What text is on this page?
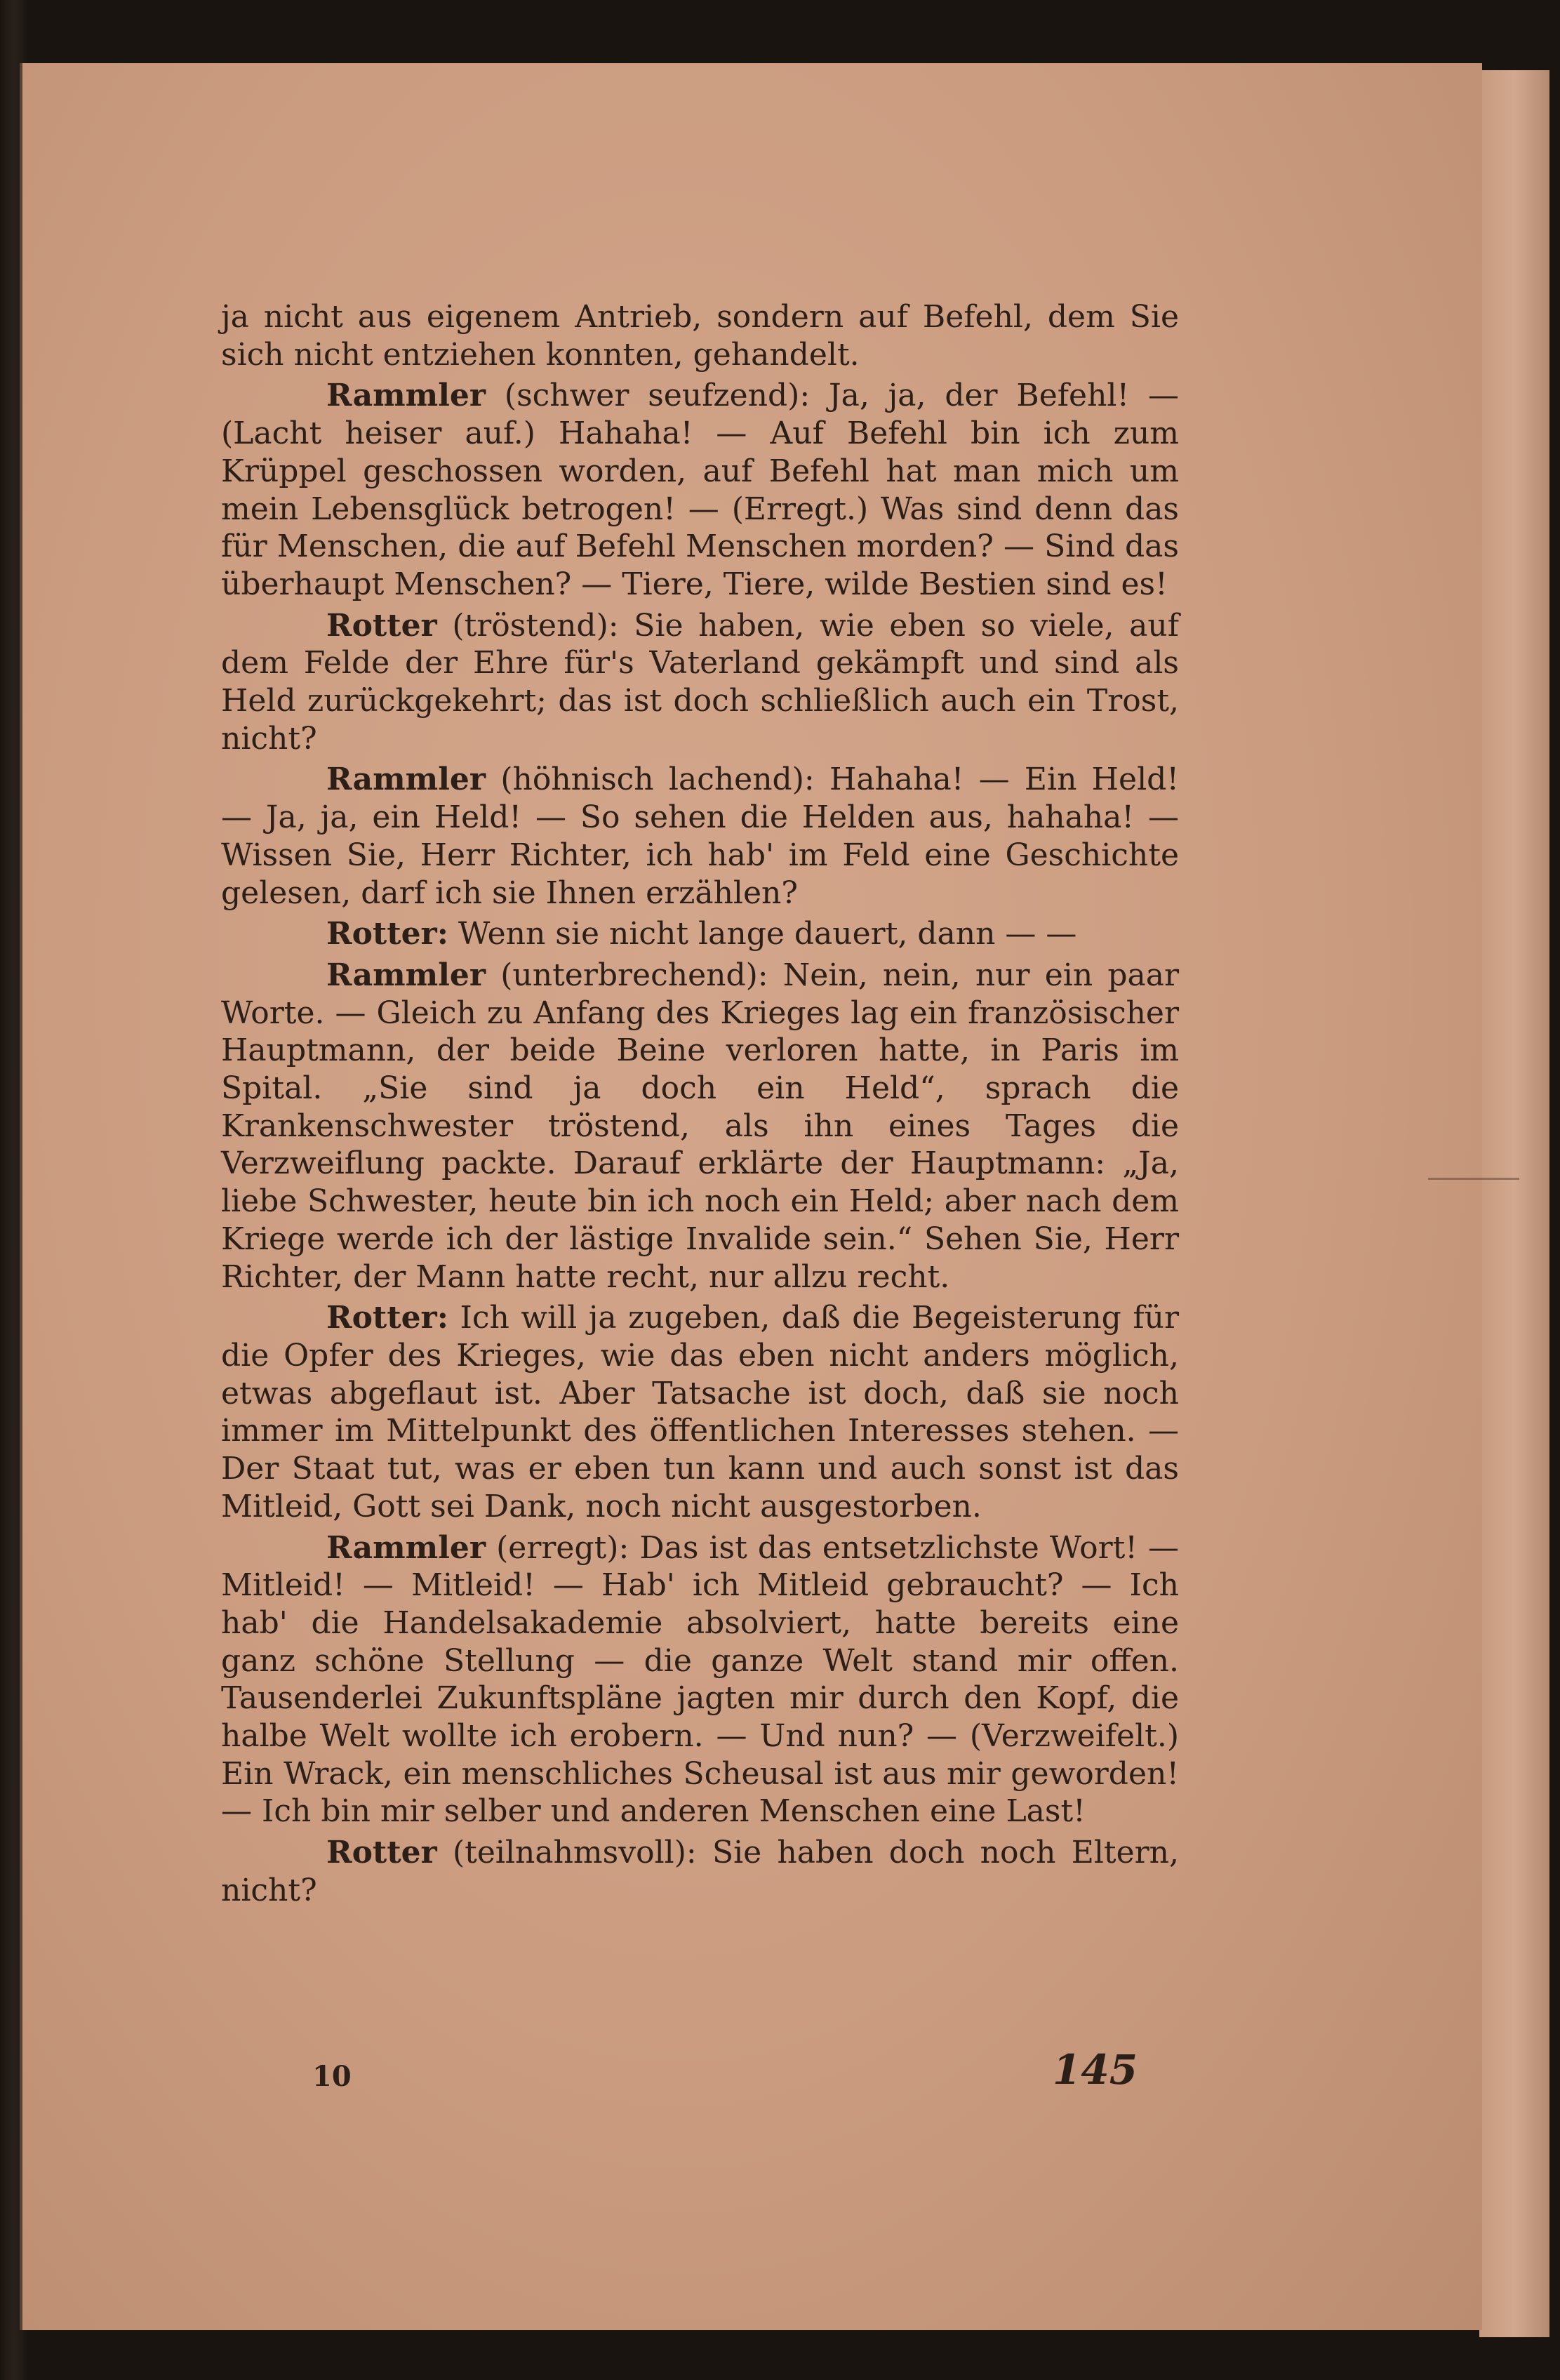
ja nicht aus eigenem Antrieb, sondern auf Befehl, dem Sie sich nicht entziehen konnten, gehandelt.

Rammler (schwer seufzend): Ja, ja, der Befehl! — (Lacht heiser auf.) Hahaha! — Auf Befehl bin ich zum Krüppel geschossen worden, auf Befehl hat man mich um mein Lebensglück betrogen! — (Erregt.) Was sind denn das für Menschen, die auf Befehl Menschen morden? — Sind das überhaupt Menschen? — Tiere, Tiere, wilde Bestien sind es!

Rotter (tröstend): Sie haben, wie eben so viele, auf dem Felde der Ehre für's Vaterland gekämpft und sind als Held zurückgekehrt; das ist doch schließlich auch ein Trost, nicht?

Rammler (höhnisch lachend): Hahaha! — Ein Held! — Ja, ja, ein Held! — So sehen die Helden aus, hahaha! — Wissen Sie, Herr Richter, ich hab' im Feld eine Geschichte gelesen, darf ich sie Ihnen erzählen?

Rotter: Wenn sie nicht lange dauert, dann — —

Rammler (unterbrechend): Nein, nein, nur ein paar Worte. — Gleich zu Anfang des Krieges lag ein französischer Hauptmann, der beide Beine verloren hatte, in Paris im Spital. „Sie sind ja doch ein Held“, sprach die Krankenschwester tröstend, als ihn eines Tages die Verzweiflung packte. Darauf erklärte der Hauptmann: „Ja, liebe Schwester, heute bin ich noch ein Held; aber nach dem Kriege werde ich der lästige Invalide sein.“ Sehen Sie, Herr Richter, der Mann hatte recht, nur allzu recht.

Rotter: Ich will ja zugeben, daß die Begeisterung für die Opfer des Krieges, wie das eben nicht anders möglich, etwas abgeflaut ist. Aber Tatsache ist doch, daß sie noch immer im Mittelpunkt des öffentlichen Interesses stehen. — Der Staat tut, was er eben tun kann und auch sonst ist das Mitleid, Gott sei Dank, noch nicht ausgestorben.

Rammler (erregt): Das ist das entsetzlichste Wort! — Mitleid! — Mitleid! — Hab' ich Mitleid gebraucht? — Ich hab' die Handelsakademie absolviert, hatte bereits eine ganz schöne Stellung — die ganze Welt stand mir offen. Tausenderlei Zukunftspläne jagten mir durch den Kopf, die halbe Welt wollte ich erobern. — Und nun? — (Verzweifelt.) Ein Wrack, ein menschliches Scheusal ist aus mir geworden! — Ich bin mir selber und anderen Menschen eine Last!

Rotter (teilnahmsvoll): Sie haben doch noch Eltern, nicht?

10	145
